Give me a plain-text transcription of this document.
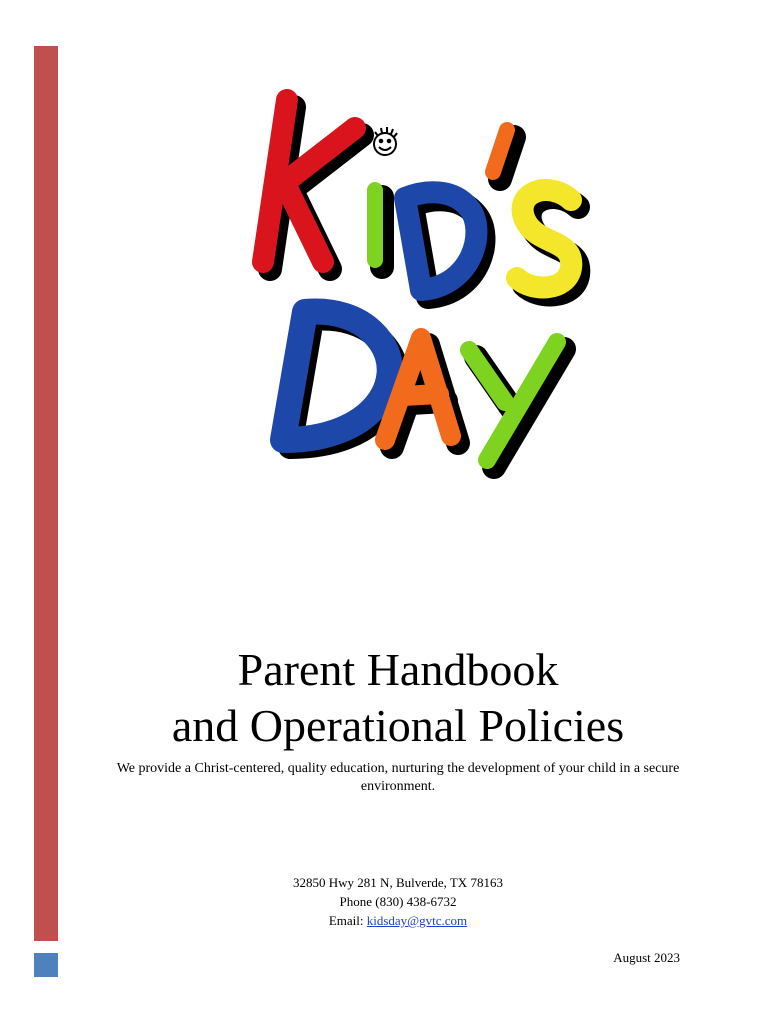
Parent Handbook
and Operational Policies
We provide a Christ-centered, quality education, nurturing the development of your child in a secure environment.
32850 Hwy 281 N, Bulverde, TX 78163
Phone (830) 438-6732
Email: kidsday@gvtc.com
August 2023
